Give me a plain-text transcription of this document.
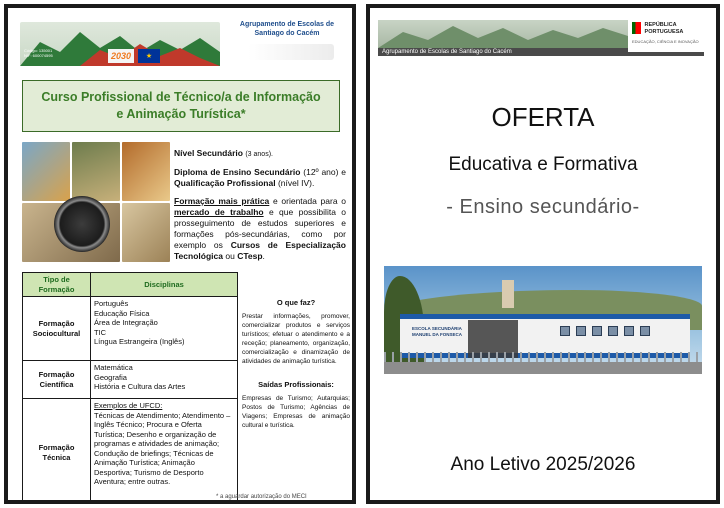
Código: 135001
NIF: 600074595
Agrupamento de Escolas de
Santiago do Cacém
2030	★
Curso Profissional de Técnico/a de Informação
e Animação Turística*

Nível Secundário (3 anos).

Diploma de Ensino Secundário (12º ano) e Qualificação Profissional (nível IV).

Formação mais prática e orientada para o mercado de trabalho e que possibilita o prosseguimento de estudos superiores e formações pós-secundárias, como por exemplo os Cursos de Especialização Tecnológica ou CTesp.

Tipo de Formação	Disciplinas
Formação Sociocultural	Português
Educação Física
Área de Integração
TIC
Língua Estrangeira (Inglês)

Formação Científica	Matemática
Geografia
História e Cultura das Artes

Formação Técnica	Exemplos de UFCD:
Técnicas de Atendimento; Atendimento – Inglês Técnico; Procura e Oferta Turística; Desenho e organização de programas e atividades de animação; Condução de briefings; Técnicas de Animação Turística; Animação Desportiva; Turismo de Desporto Aventura; entre outras.
O que faz?

Prestar informações, promover, comercializar produtos e serviços turísticos; efetuar o atendimento e a receção; planeamento, organização, comercialização e dinamização de atividades de animação turística.

Saídas Profissionais:

Empresas de Turismo; Autarquias; Postos de Turismo; Agências de Viagens; Empresas de animação cultural e turística.

* a aguardar autorização do MECI
Agrupamento de Escolas de Santiago do Cacém
REPÚBLICA
PORTUGUESA
EDUCAÇÃO, CIÊNCIA E INOVAÇÃO
OFERTA
Educativa e Formativa
- Ensino secundário-
ESCOLA SECUNDÁRIA
MANUEL DA FONSECA
Ano Letivo 2025/2026
